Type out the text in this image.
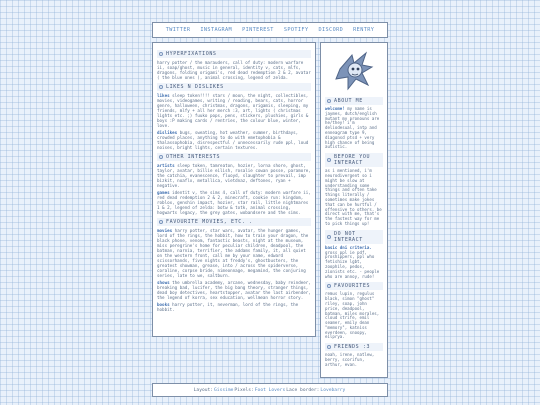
TWITTER INSTAGRAM PINTEREST SPOTIFY DISCORD RENTRY
HYPERFIXATIONS

harry potter / the marauders, call of duty: modern warfare ii, soap/ghost, music in general, identity v, cats, mlfs, dragons, folding origami's, red dead redemption 2 & 2, avatar ( the blue ones ), animal crossing, legend of zelda.

LIKES N DISLIKES

likes sleep token!!!! stars / moon, the night, collectibles, movies, videogames, writing / reading, bears, cats, horror genre, halloween, christmas, dragons, origamis, sleeping, my friends, mlfy + all her merch :3, art, lights ( christmas lights etc. ;) fuuko pops, pens, stickers, plushies, girls & boys :P making cards / rentries, the colour blue, winter, love.

dislikes bugs, sweating, hot weather, summer, birthdays, crowded places, anything to do with emetophobia & thalassophobia, disrespectful / unnecessarily rude ppl, loud noises, bright lights, certain textures.

OTHER INTERESTS

artists sleep token, tamreaton, hozier, lorna shore, ghost, taylor, avatar, billie eilish, rosalie cowan posse, paramore, the catchia, evanescence, fluoyd, slaughter to prevail, imp bizkit, noaflx, metallica, vietdnaz, deftones, ryan + negative.

games identit v, the sims 4, call of duty: modern warfare ii, red dead redemption 2 & 2, minecraft, cookie run: kingdom, roblox, genshin impact, hozier, star rail, little nightmares 1 & 2, legend of zelda: botw & totk, animal crossing, hogwarts legacy, the grey gates, wobandsere and the sims.

FAVOURITE MOVIES, ETC. .

movies harry potter, star wars, avatar, the hunger games, lord of the rings, the hobbit, how to train your dragon, the black phone, venom, fantastic beasts, night at the museum, miss peregrine's home for peculiar children, deadpool, the batman, narnia, terrifier, the addams family, it, all quiet on the western front, call me by your name, edward scissorhands, five nights at freddy's, ghostbusters, the greatest showman, grease, into / across the spiderverse, coraline, corpse bride, nimeonnage, megamind, the conjuring series, late to we, saltburn.

shows the umbrella academy, arcane, wednesday, baby reindeer, breaking bad, lucifer, the big bang theory, stranger things, dead boy detectives, heartstopper, avatar the last airbender, the legend of korra, sex education, wellmean horror story.

books harry potter, it, neverman, lord of the rings, the hobbit.

ABOUT ME

welcome! my name is jaymes, dutch/english mutant my pronouns are he/they! i'm deliodesual, intp and enneagram type 9, diagonsd ptsd + very high chance of being autistic.

BEFORE YOU INTERACT

as i mentioned, i'm neurodivergent so i might be slow at understanding some things and often take things literally / sometimes make jokes that can be hurtful / offensive to others. be direct with me, that's the fastest way for me to pick things up!

DO NOT INTERACT

basic dni criteria. gross ppl ie pdf, proshippers, ppl who fetishize lgbt, zoophile, pedos, zionists etc. - people who are annoy, rude!

FAVOURITES

remus lupin, regulus black, simon "ghost" riley, soap, john price, deadpool, batman, miles morales, cloud strife, emil seamer, emily dean "memory", katniss everdeen, snoopy, eilprya.

FRIENDS :3

noah, irene, natlew, berry, scorifun, arthur, evan.

Layout: Gissime Pixels: Foot Lovers Lace border: Lovebarry
